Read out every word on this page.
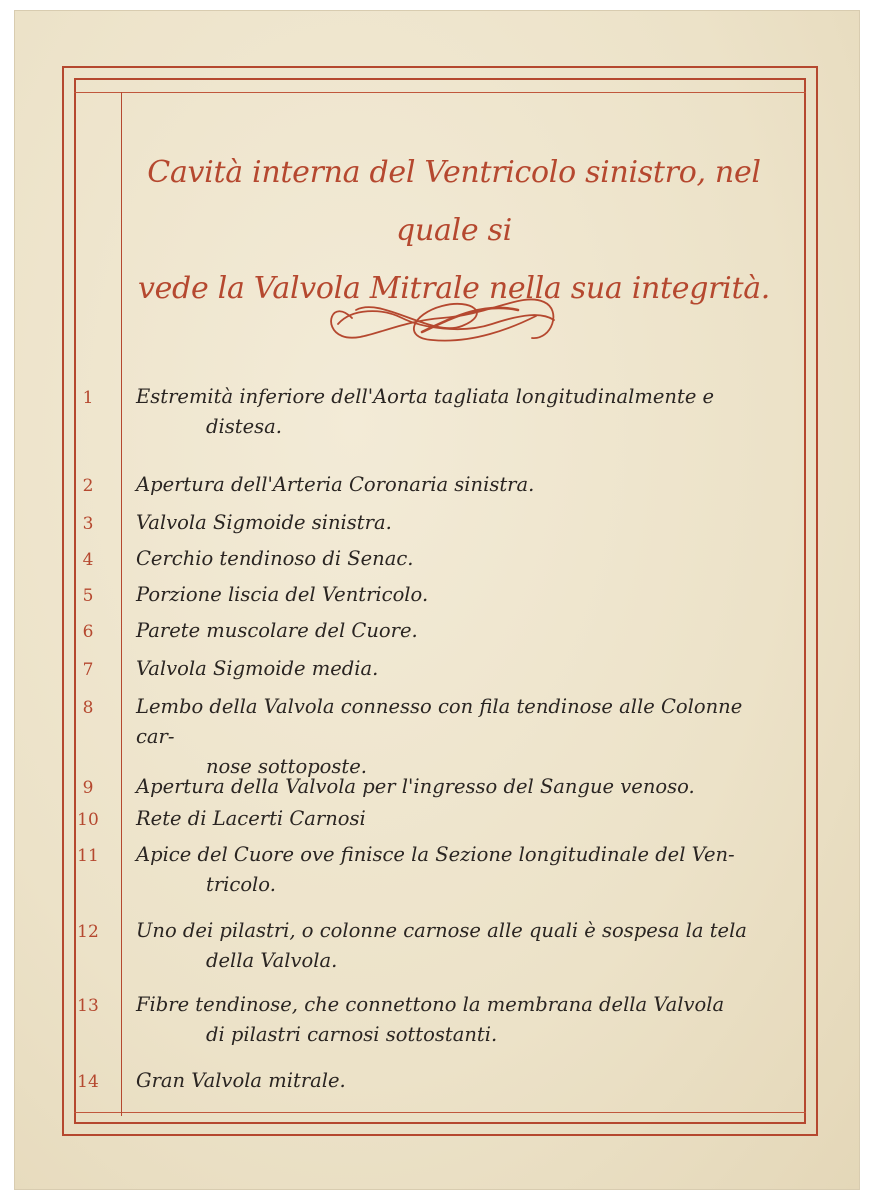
Cavità interna del Ventricolo sinistro, nel quale si
vede la Valvola Mitrale nella sua integrità.
1	Estremità inferiore dell'Aorta tagliata longitudinalmente e
distesa.

2	Apertura dell'Arteria Coronaria sinistra.

3	Valvola Sigmoide sinistra.

4	Cerchio tendinoso di Senac.

5	Porzione liscia del Ventricolo.

6	Parete muscolare del Cuore.

7	Valvola Sigmoide media.

8	Lembo della Valvola connesso con fila tendinose alle Colonne car-
nose sottoposte.

9	Apertura della Valvola per l'ingresso del Sangue venoso.

10	Rete di Lacerti Carnosi

11	Apice del Cuore ove finisce la Sezione longitudinale del Ven-
tricolo.

12	Uno dei pilastri, o colonne carnose alle quali è sospesa la tela
della Valvola.

13	Fibre tendinose, che connettono la membrana della Valvola
di pilastri carnosi sottostanti.

14	Gran Valvola mitrale.
